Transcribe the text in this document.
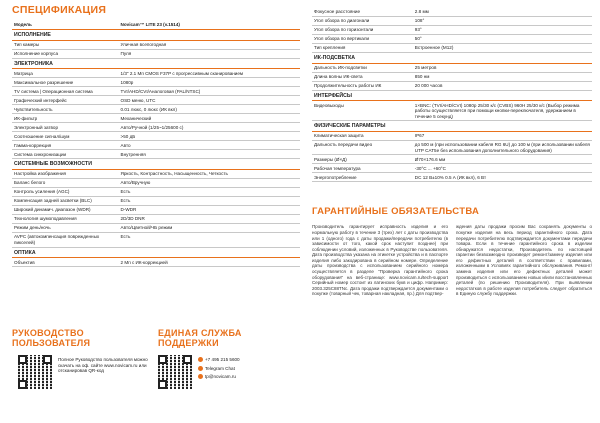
СПЕЦИФИКАЦИЯ
Модель	Novicam™ LITE 23 (v.1514)
ИСПОЛНЕНИЕ	
Тип камеры	Уличная всепогодная
Исполнение корпуса	Пуля
ЭЛЕКТРОНИКА	
Матрица	1/3" 2.1 Мп CMOS F37P с прогрессивным сканированием
Максимальное разрешение	1080p
TV система | Операционная система	TVI/AHD/CVI/Аналоговая (PAL/NTSC)
Графический интерфейс	OSD меню, UTC
Чувствительность	0.01 люкс, 0 люкс (ИК вкл)
ИК-фильтр	Механический
Электронный затвор	Авто/Ручной (1/25~1/25600 с)
Соотношение сигнал/шум	>50 дБ
Гамма-коррекция	Авто
Система синхронизации	Внутренняя
СИСТЕМНЫЕ ВОЗМОЖНОСТИ	
Настройка изображения	Яркость, Контрастность, Насыщенность, Четкость
Баланс белого	Авто/Вручную
Контроль усиления (AGC)	Есть
Компенсация задней засветки (BLC)	Есть
Широкий динамич. диапазон (WDR)	D-WDR
Технология шумоподавления	2D/3D DNR
Режим день/ночь	Авто/Цветной/ЧБ режим
AVPC (автокомпенсация поврежденных пикселей)	Есть
ОПТИКА	
Объектив	2 Мп с ИК-коррекцией
Фокусное расстояние	2.8 мм
Угол обзора по диагонали	108°
Угол обзора по горизонтали	93°
Угол обзора по вертикали	50°
Тип крепления	Встроенное (M12)
ИК-ПОДСВЕТКА	
Дальность ИК-подсветки	25 метров
Длина волны ИК-света	850 нм
Продолжительность работы ИК	20 000 часов
ИНТЕРФЕЙСЫ	
Видеовыходы	1×BNC: (TVI/AHD/CVI) 1080p 25/30 к/с (CVBS) 960H 25/30 к/с (Выбор режима работы осуществляется при помощи кнопки-переключателя, удержанием в течение 5 секунд)
ФИЗИЧЕСКИЕ ПАРАМЕТРЫ	
Климатическая защита	IP67
Дальность передачи видео	до 500 м (при использовании кабеля RG 6U) до 100 м (при использовании кабеля UTP CAT5e без использования дополнительного оборудования)
Размеры (Ø×Д)	Ø70×176.6 мм
Рабочая температура	-30°C ... +60°C
Энергопотребление	DC 12 В±10% 0.5 А (ИК вкл), 6 Вт
ГАРАНТИЙНЫЕ ОБЯЗАТЕЛЬСТВА
Производитель гарантирует исправность изделия и его нормальную работу в течение 3 (трех) лет с даты производства или 1 (одного) года с даты продажи/передачи потребителю (в зависимости от того, какой срок наступит позднее) при соблюдении условий, изложенных в Руководстве пользователя. Дата производства указана на этикетке устройства и в паспорте изделия либо закодирована в серийном номере. Определение даты производства с использованием серийного номера осуществляется в разделе "Проверка гарантийного срока оборудования" на веб-странице: www.novicam.ru/tech-support Серийный номер состоит из латинских букв и цифр. Например: 2003.325C88TNc. Дата продажи подтверждается документами о покупке (товарный чек, товарная накладная, пр.) Для подтвер-
ждения даты продажи просим Вас сохранять документы о покупке изделия на весь период гарантийного срока. Дата передачи потребителю подтверждается документами передачи товара. Если в течение гарантийного срока в изделии обнаружатся недостатки, Производитель по настоящей гарантии безвозмездно произведет ремонт/замену изделия или его дефектных деталей в соответствии с правилами, изложенными в Условиях гарантийного обслуживания. Ремонт/замена изделия или его дефектных деталей может производиться с использованием новых и/или восстановленных деталей (по решению Производителя). При выявлении недостатков в работе изделия потребитель следует обратиться в Единую службу поддержки.
РУКОВОДСТВО ПОЛЬЗОВАТЕЛЯ
Полное Руководство пользователя можно скачать на оф. сайте www.novicam.ru или отсканировав QR-код
ЕДИНАЯ СЛУЖБА ПОДДЕРЖКИ
+7 495 215 5600
Telegram Chat
tp@novicam.ru
